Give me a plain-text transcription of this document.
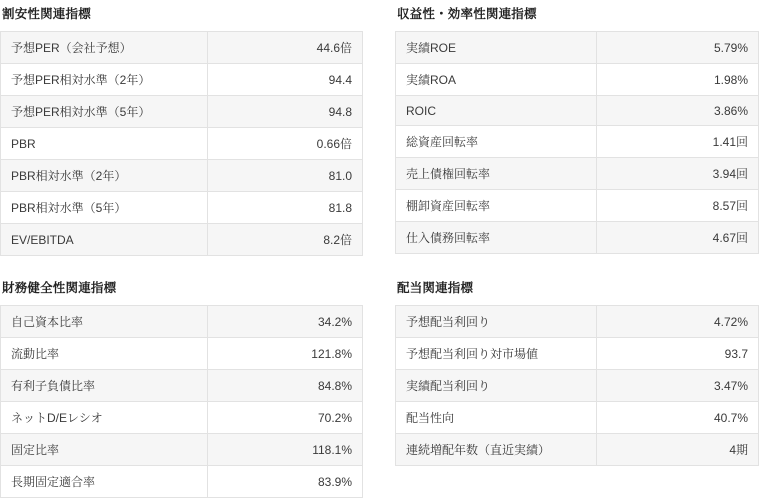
割安性関連指標
予想PER（会社予想）	44.6倍
予想PER相対水準（2年）	94.4
予想PER相対水準（5年）	94.8
PBR	0.66倍
PBR相対水準（2年）	81.0
PBR相対水準（5年）	81.8
EV/EBITDA	8.2倍
収益性・効率性関連指標
実績ROE	5.79%
実績ROA	1.98%
ROIC	3.86%
総資産回転率	1.41回
売上債権回転率	3.94回
棚卸資産回転率	8.57回
仕入債務回転率	4.67回
財務健全性関連指標
自己資本比率	34.2%
流動比率	121.8%
有利子負債比率	84.8%
ネットD/Eレシオ	70.2%
固定比率	118.1%
長期固定適合率	83.9%
配当関連指標
予想配当利回り	4.72%
予想配当利回り対市場値	93.7
実績配当利回り	3.47%
配当性向	40.7%
連続増配年数（直近実績）	4期
